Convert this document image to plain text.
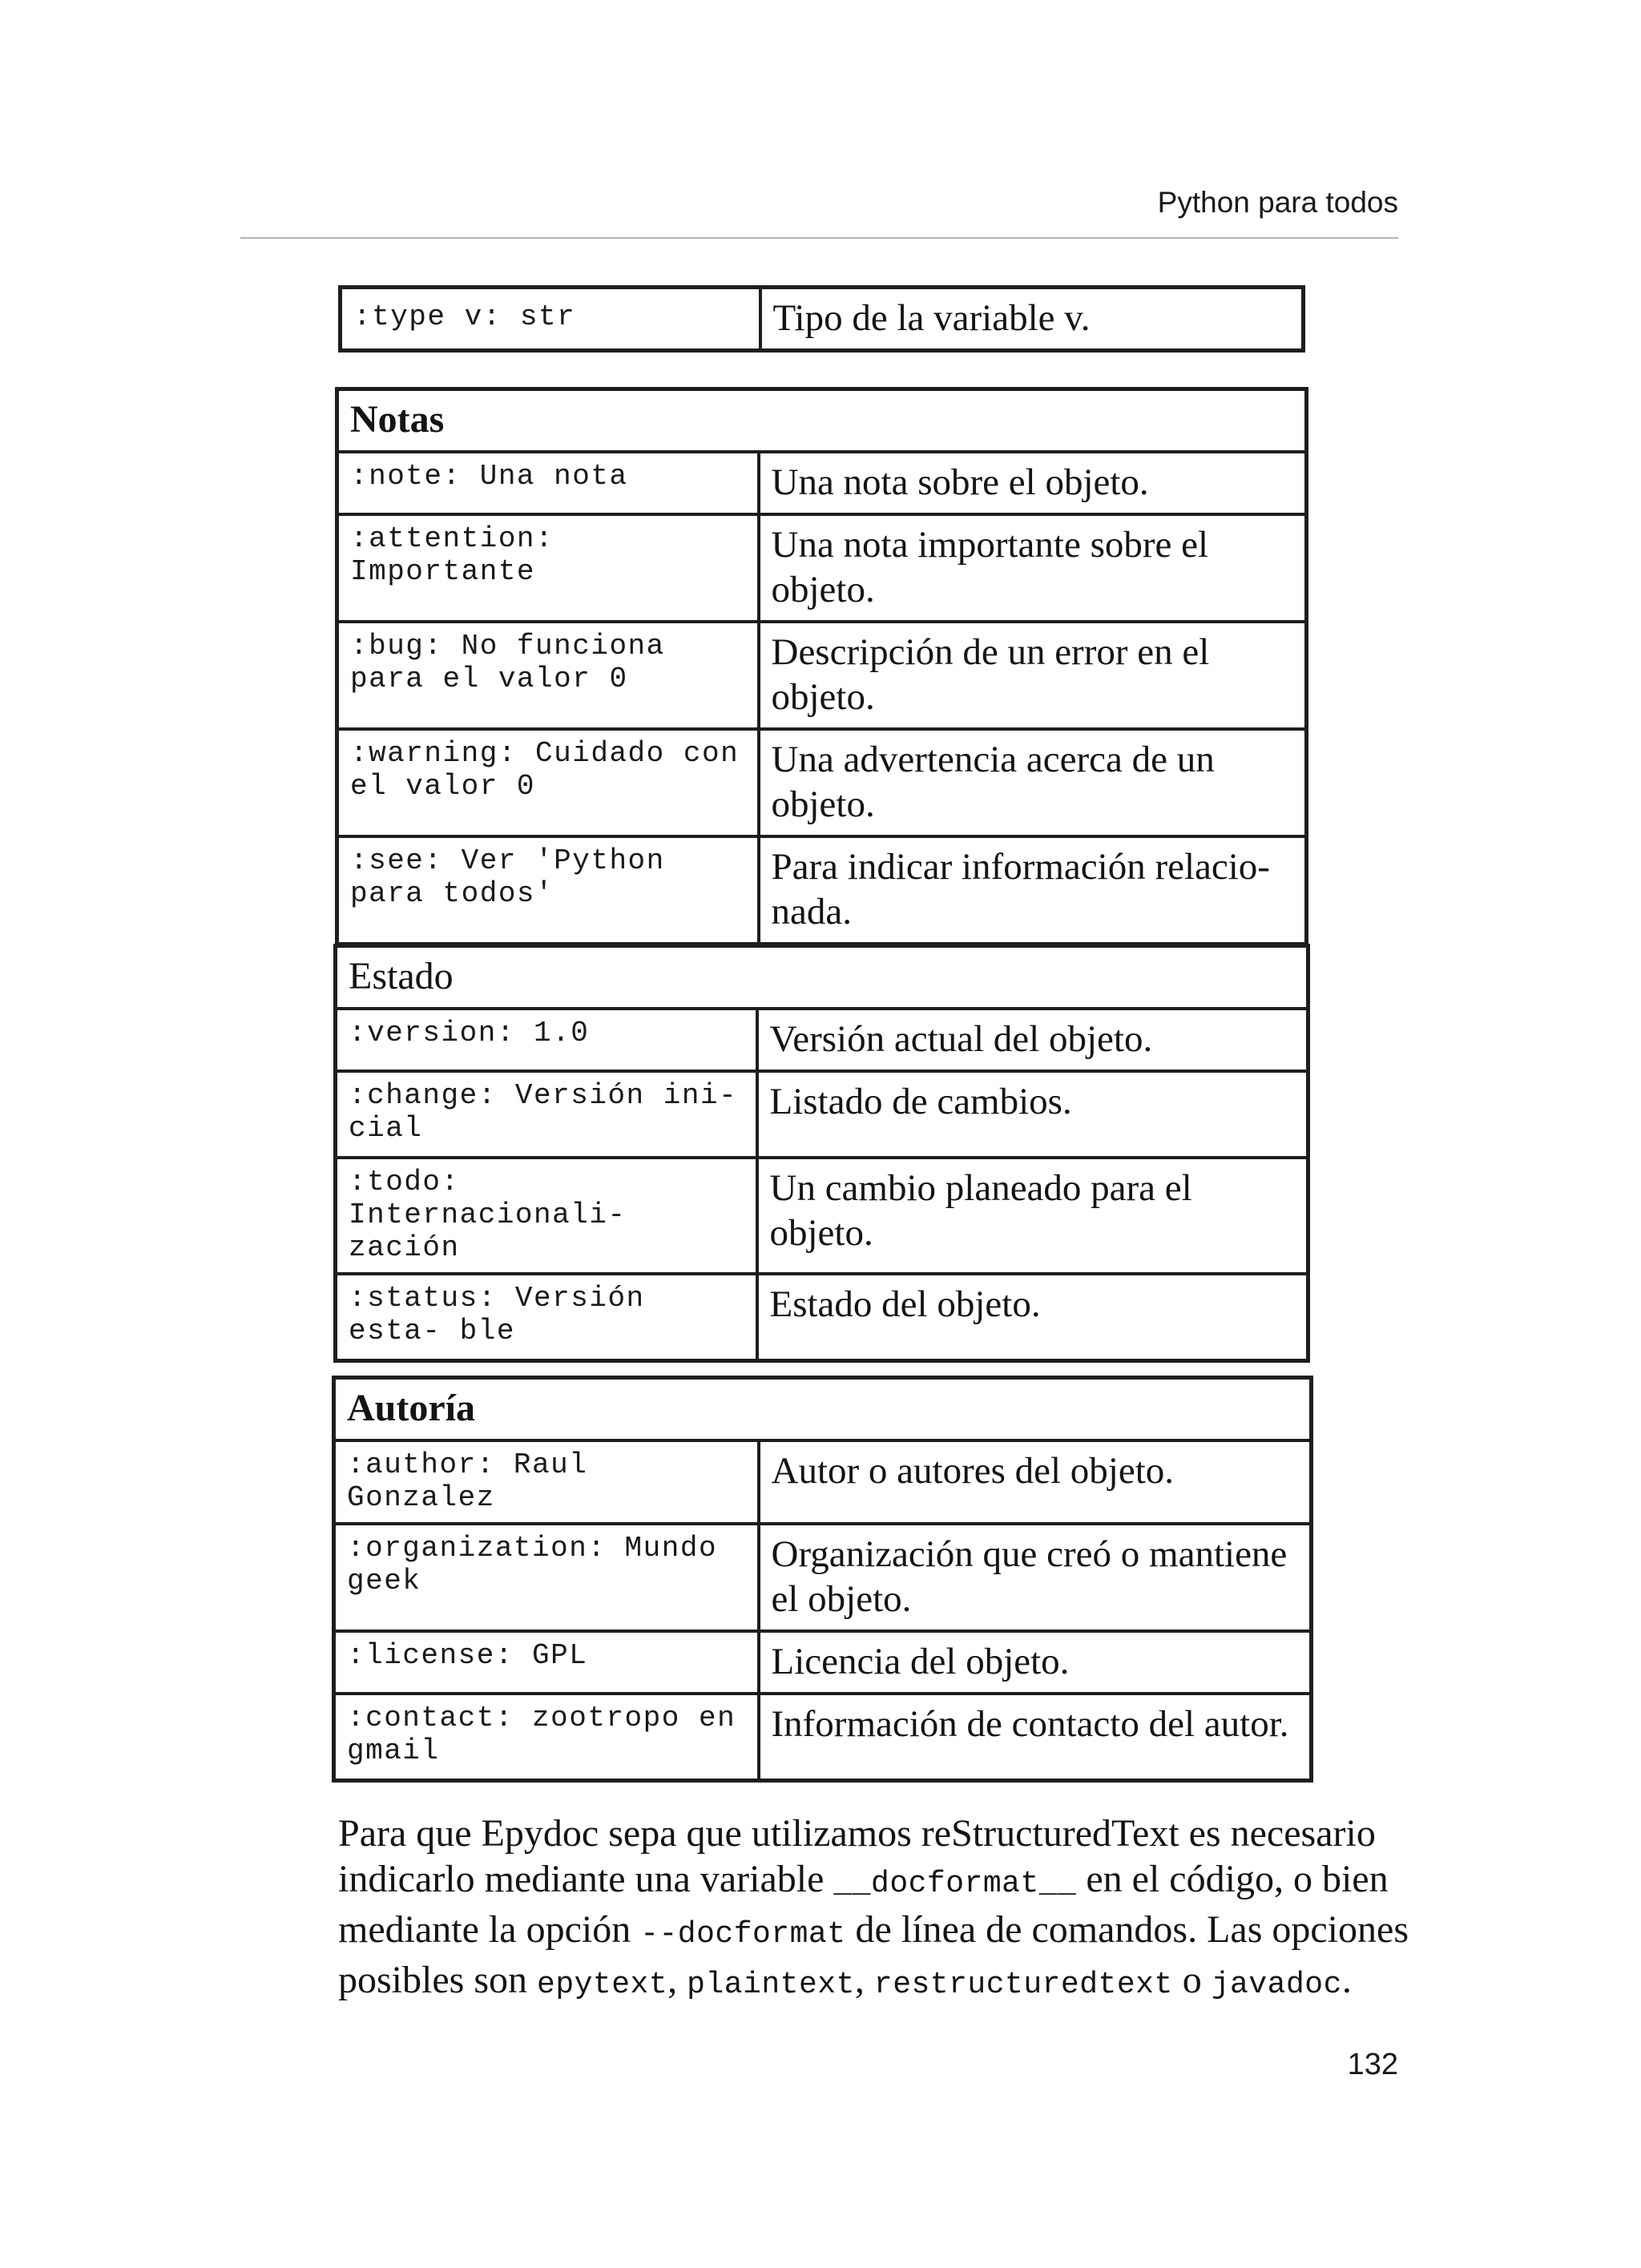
Python para todos
:type v: str	Tipo de la variable v.
Notas	
:note: Una nota	Una nota sobre el objeto.
:attention: Importante	Una nota importante sobre el objeto.
:bug: No funciona para el valor 0	Descripción de un error en el objeto.
:warning: Cuidado con el valor 0	Una advertencia acerca de un objeto.
:see: Ver 'Python para todos'	Para indicar información relacio- nada.
Estado	
:version: 1.0	Versión actual del objeto.
:change: Versión ini- cial	Listado de cambios.
:todo: Internacionali- zación	Un cambio planeado para el objeto.
:status: Versión esta- ble	Estado del objeto.
Autoría	
:author: Raul Gonzalez	Autor o autores del objeto.
:organization: Mundo geek	Organización que creó o mantiene el objeto.
:license: GPL	Licencia del objeto.
:contact: zootropo en gmail	Información de contacto del autor.

Para que Epydoc sepa que utilizamos reStructuredText es necesario indicarlo mediante una variable __docformat__ en el código, o bien mediante la opción --docformat de línea de comandos. Las opciones posibles son epytext, plaintext, restructuredtext o javadoc.

132
